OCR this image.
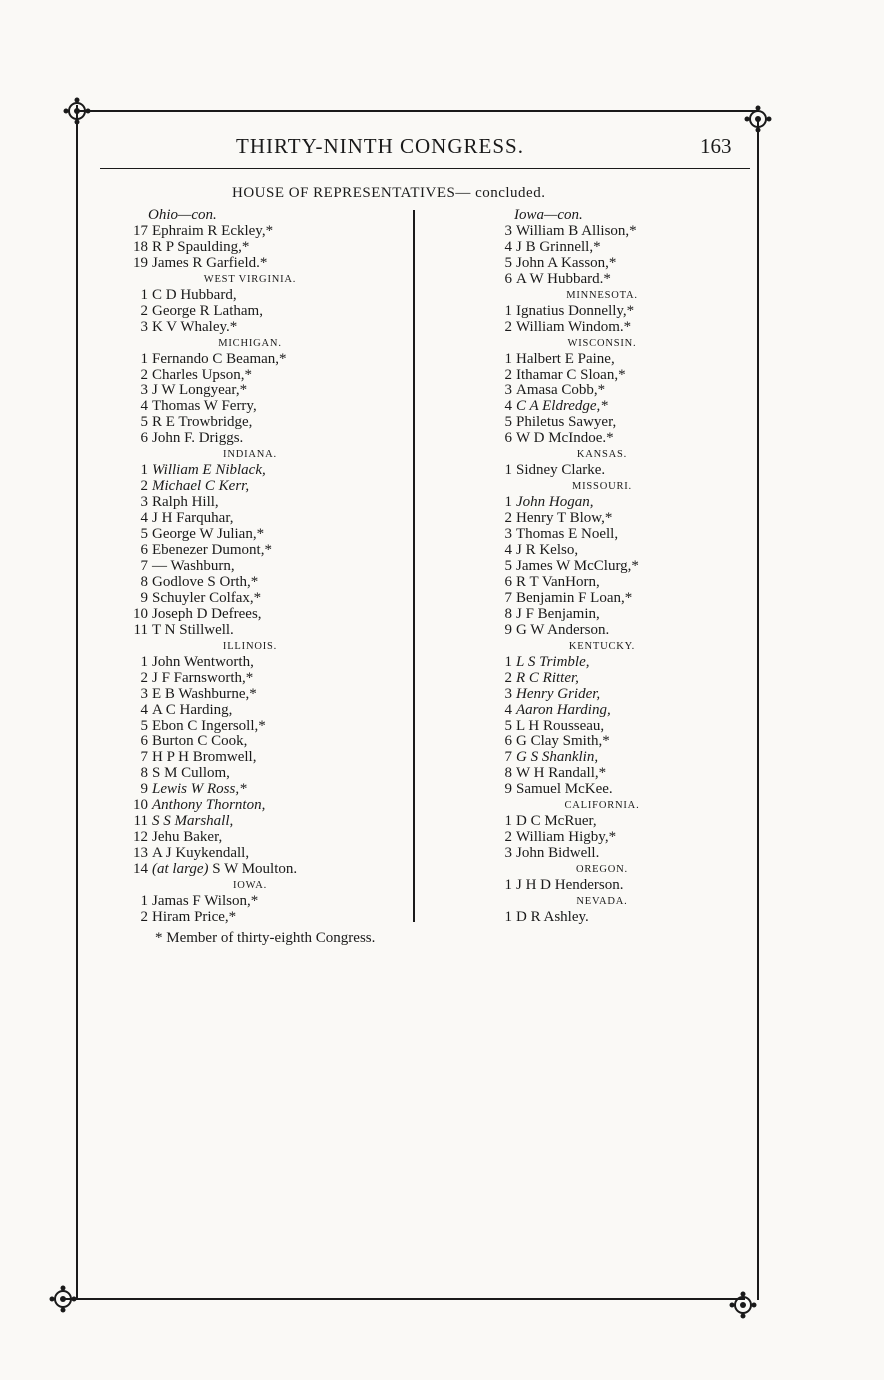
THIRTY-NINTH CONGRESS.	163
HOUSE OF REPRESENTATIVES— concluded.
Ohio—con.
17 Ephraim R Eckley,*
18 R P Spaulding,*
19 James R Garfield.*
WEST VIRGINIA.
1 C D Hubbard,
2 George R Latham,
3 K V Whaley.*
MICHIGAN.
1 Fernando C Beaman,*
2 Charles Upson,*
3 J W Longyear,*
4 Thomas W Ferry,
5 R E Trowbridge,
6 John F. Driggs.
INDIANA.
1 William E Niblack,
2 Michael C Kerr,
3 Ralph Hill,
4 J H Farquhar,
5 George W Julian,*
6 Ebenezer Dumont,*
7 — Washburn,
8 Godlove S Orth,*
9 Schuyler Colfax,*
10 Joseph D Defrees,
11 T N Stillwell.
ILLINOIS.
1 John Wentworth,
2 J F Farnsworth,*
3 E B Washburne,*
4 A C Harding,
5 Ebon C Ingersoll,*
6 Burton C Cook,
7 H P H Bromwell,
8 S M Cullom,
9 Lewis W Ross,*
10 Anthony Thornton,
11 S S Marshall,
12 Jehu Baker,
13 A J Kuykendall,
14 (at large) S W Moulton.
IOWA.
1 Jamas F Wilson,*
2 Hiram Price,*
Iowa—con.
3 William B Allison,*
4 J B Grinnell,*
5 John A Kasson,*
6 A W Hubbard.*
MINNESOTA.
1 Ignatius Donnelly,*
2 William Windom.*
WISCONSIN.
1 Halbert E Paine,
2 Ithamar C Sloan,*
3 Amasa Cobb,*
4 C A Eldredge,*
5 Philetus Sawyer,
6 W D McIndoe.*
KANSAS.
1 Sidney Clarke.
MISSOURI.
1 John Hogan,
2 Henry T Blow,*
3 Thomas E Noell,
4 J R Kelso,
5 James W McClurg,*
6 R T VanHorn,
7 Benjamin F Loan,*
8 J F Benjamin,
9 G W Anderson.
KENTUCKY.
1 L S Trimble,
2 R C Ritter,
3 Henry Grider,
4 Aaron Harding,
5 L H Rousseau,
6 G Clay Smith,*
7 G S Shanklin,
8 W H Randall,*
9 Samuel McKee.
CALIFORNIA.
1 D C McRuer,
2 William Higby,*
3 John Bidwell.
OREGON.
1 J H D Henderson.
NEVADA.
1 D R Ashley.
* Member of thirty-eighth Congress.
